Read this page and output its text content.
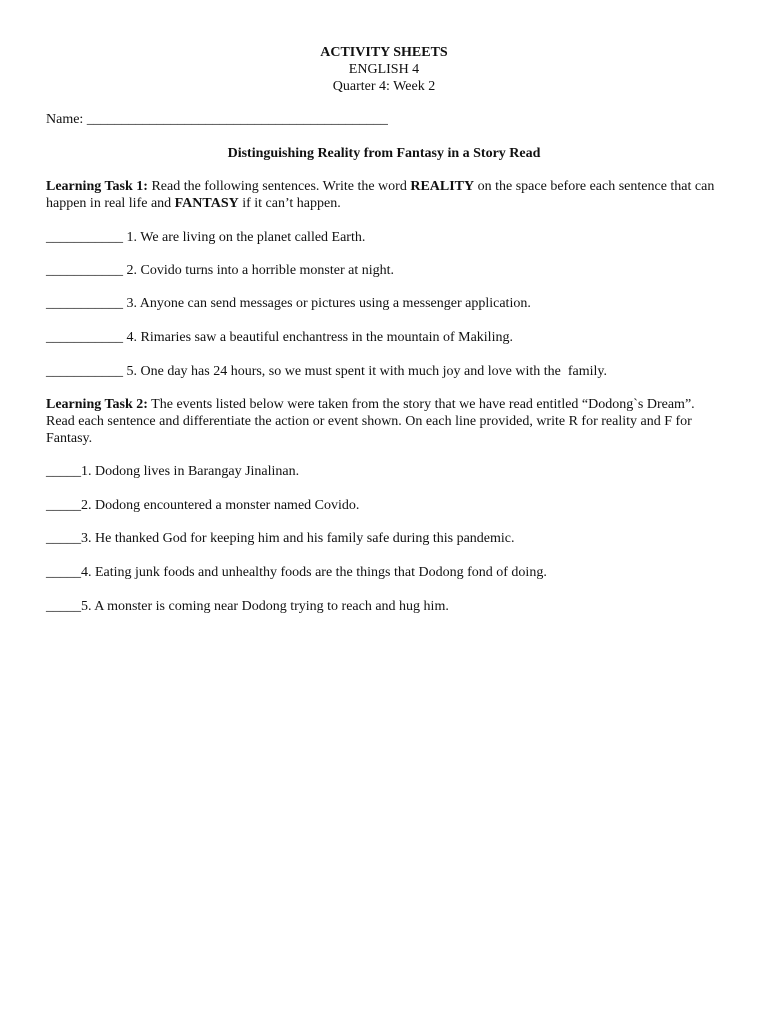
ACTIVITY SHEETS
ENGLISH 4
Quarter 4: Week 2
Name: ___________________________________________
Distinguishing Reality from Fantasy in a Story Read
Learning Task 1: Read the following sentences. Write the word REALITY on the space before each sentence that can happen in real life and FANTASY if it can’t happen.
___________ 1. We are living on the planet called Earth.
___________ 2. Covido turns into a horrible monster at night.
___________ 3. Anyone can send messages or pictures using a messenger application.
___________ 4. Rimaries saw a beautiful enchantress in the mountain of Makiling.
___________ 5. One day has 24 hours, so we must spent it with much joy and love with the  family.
Learning Task 2: The events listed below were taken from the story that we have read entitled “Dodong`s Dream”. Read each sentence and differentiate the action or event shown. On each line provided, write R for reality and F for Fantasy.
_____1. Dodong lives in Barangay Jinalinan.
_____2. Dodong encountered a monster named Covido.
_____3. He thanked God for keeping him and his family safe during this pandemic.
_____4. Eating junk foods and unhealthy foods are the things that Dodong fond of doing.
_____5. A monster is coming near Dodong trying to reach and hug him.
